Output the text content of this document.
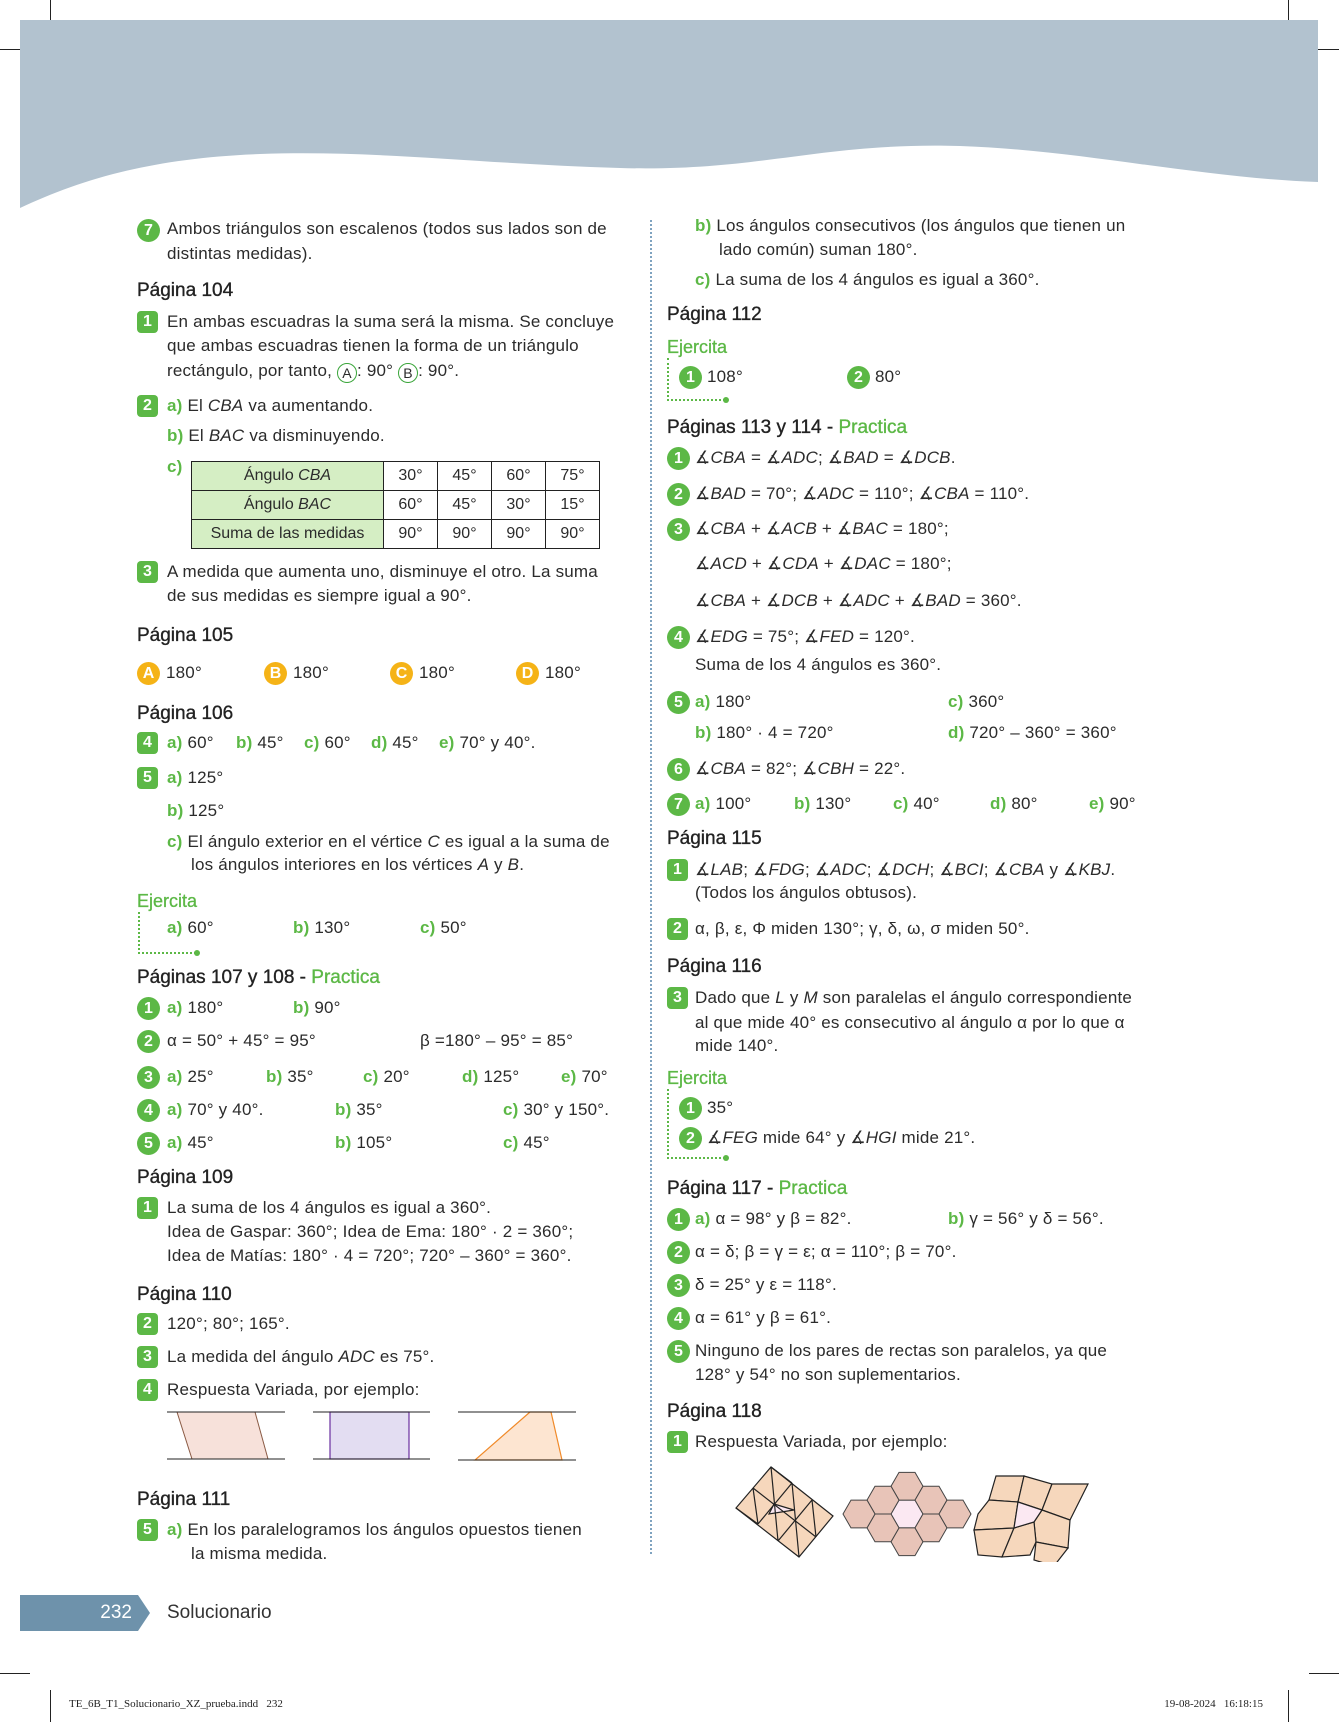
7 Ambos triángulos son escalenos (todos sus lados son de
distintas medidas).
Página 104
1 En ambas escuadras la suma será la misma. Se concluye
que ambas escuadras tienen la forma de un triángulo
rectángulo, por tanto, A : 90° B : 90°.
2 a) El CBA va aumentando.
b) El BAC va disminuyendo.
c)	Ángulo CBA	30°	45°	60°	75°
Ángulo BAC	60°	45°	30°	15°
Suma de las medidas	90°	90°	90°	90°
3 A medida que aumenta uno, disminuye el otro. La suma
de sus medidas es siempre igual a 90°.
Página 105
A 180°	B 180°	C 180°	D 180°
Página 106
4 a) 60° b) 45° c) 60° d) 45° e) 70° y 40°.
5 a) 125°
b) 125°
c) El ángulo exterior en el vértice C es igual a la suma de
los ángulos interiores en los vértices A y B.
Ejercita
a) 60°	b) 130°	c) 50°
Páginas 107 y 108 - Practica
1 a) 180°	b) 90°
2 α = 50° + 45° = 95°	β =180° – 95° = 85°
3 a) 25°	b) 35°	c) 20°	d) 125° e) 70°
4 a) 70° y 40°.	b) 35°	c) 30° y 150°.
5 a) 45°	b) 105°	c) 45°
Página 109
1 La suma de los 4 ángulos es igual a 360°.
Idea de Gaspar: 360°; Idea de Ema: 180° · 2 = 360°;
Idea de Matías: 180° · 4 = 720°; 720° – 360° = 360°.
Página 110
2 120°; 80°; 165°.
3 La medida del ángulo ADC es 75°.
4 Respuesta Variada, por ejemplo:
Página 111
5 a) En los paralelogramos los ángulos opuestos tienen
la misma medida.
b) Los ángulos consecutivos (los ángulos que tienen un
lado común) suman 180°.
c) La suma de los 4 ángulos es igual a 360°.
Página 112
Ejercita
1 108°	2 80°
Páginas 113 y 114 - Practica
1 ∡CBA = ∡ADC; ∡BAD = ∡DCB.
2 ∡BAD = 70°; ∡ADC = 110°; ∡CBA = 110°.
3 ∡CBA + ∡ACB + ∡BAC = 180°;
∡ACD + ∡CDA + ∡DAC = 180°;
∡CBA + ∡DCB + ∡ADC + ∡BAD = 360°.
4 ∡EDG = 75°; ∡FED = 120°.
Suma de los 4 ángulos es 360°.
5 a) 180°	c) 360°
b) 180° · 4 = 720°	d) 720° – 360° = 360°
6 ∡CBA = 82°; ∡CBH = 22°.
7 a) 100°	b) 130° c) 40°	d) 80°	e) 90°
Página 115
1 ∡LAB; ∡FDG; ∡ADC; ∡DCH; ∡BCI; ∡CBA y ∡KBJ.
(Todos los ángulos obtusos).
2 α, β, ε, Φ miden 130°; γ, δ, ω, σ miden 50°.
Página 116
3 Dado que L y M son paralelas el ángulo correspondiente
al que mide 40° es consecutivo al ángulo α por lo que α
mide 140°.
Ejercita
1 35°
2 ∡FEG mide 64° y ∡HGI mide 21°.
Página 117 - Practica
1 a) α = 98° y β = 82°.	b) γ = 56° y δ = 56°.
2 α = δ; β = γ = ε; α = 110°; β = 70°.
3 δ = 25° y ε = 118°.
4 α = 61° y β = 61°.
5 Ninguno de los pares de rectas son paralelos, ya que
128° y 54° no son suplementarios.
Página 118
1 Respuesta Variada, por ejemplo:
232 Solucionario
TE_6B_T1_Solucionario_XZ_prueba.indd   232	19-08-2024   16:18:15
